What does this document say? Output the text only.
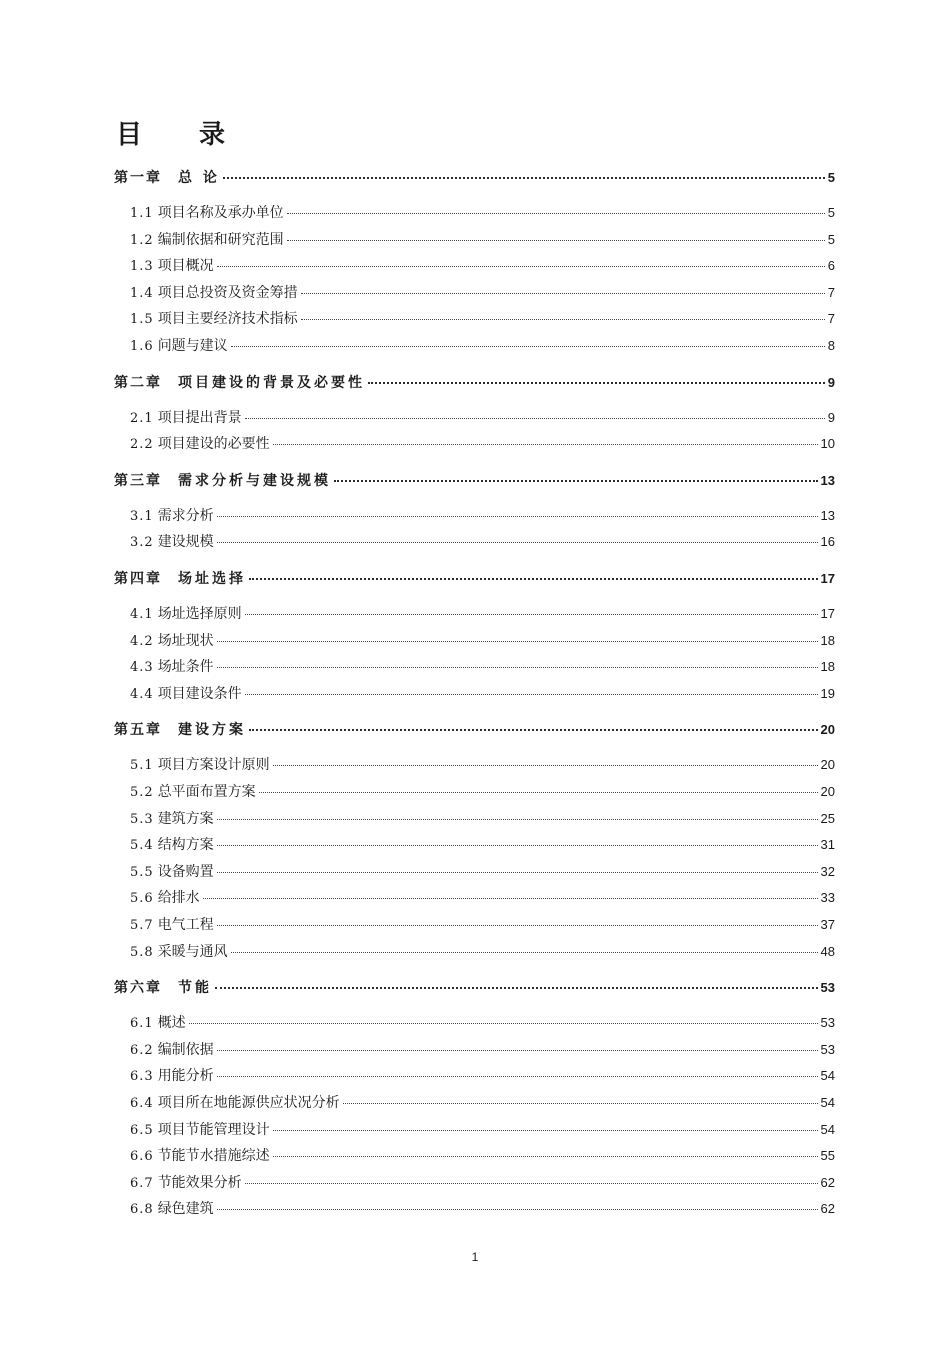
目 录
第一章	总 论	5
1.1 项目名称及承办单位	5
1.2 编制依据和研究范围	5
1.3 项目概况	6
1.4 项目总投资及资金筹措	7
1.5 项目主要经济技术指标	7
1.6 问题与建议	8
第二章	项目建设的背景及必要性	9
2.1 项目提出背景	9
2.2 项目建设的必要性	10
第三章	需求分析与建设规模	13
3.1 需求分析	13
3.2 建设规模	16
第四章	场址选择	17
4.1 场址选择原则	17
4.2 场址现状	18
4.3 场址条件	18
4.4 项目建设条件	19
第五章	建设方案	20
5.1 项目方案设计原则	20
5.2 总平面布置方案	20
5.3 建筑方案	25
5.4 结构方案	31
5.5 设备购置	32
5.6 给排水	33
5.7 电气工程	37
5.8 采暖与通风	48
第六章	节能	53
6.1 概述	53
6.2 编制依据	53
6.3 用能分析	54
6.4 项目所在地能源供应状况分析	54
6.5 项目节能管理设计	54
6.6 节能节水措施综述	55
6.7 节能效果分析	62
6.8 绿色建筑	62
1
